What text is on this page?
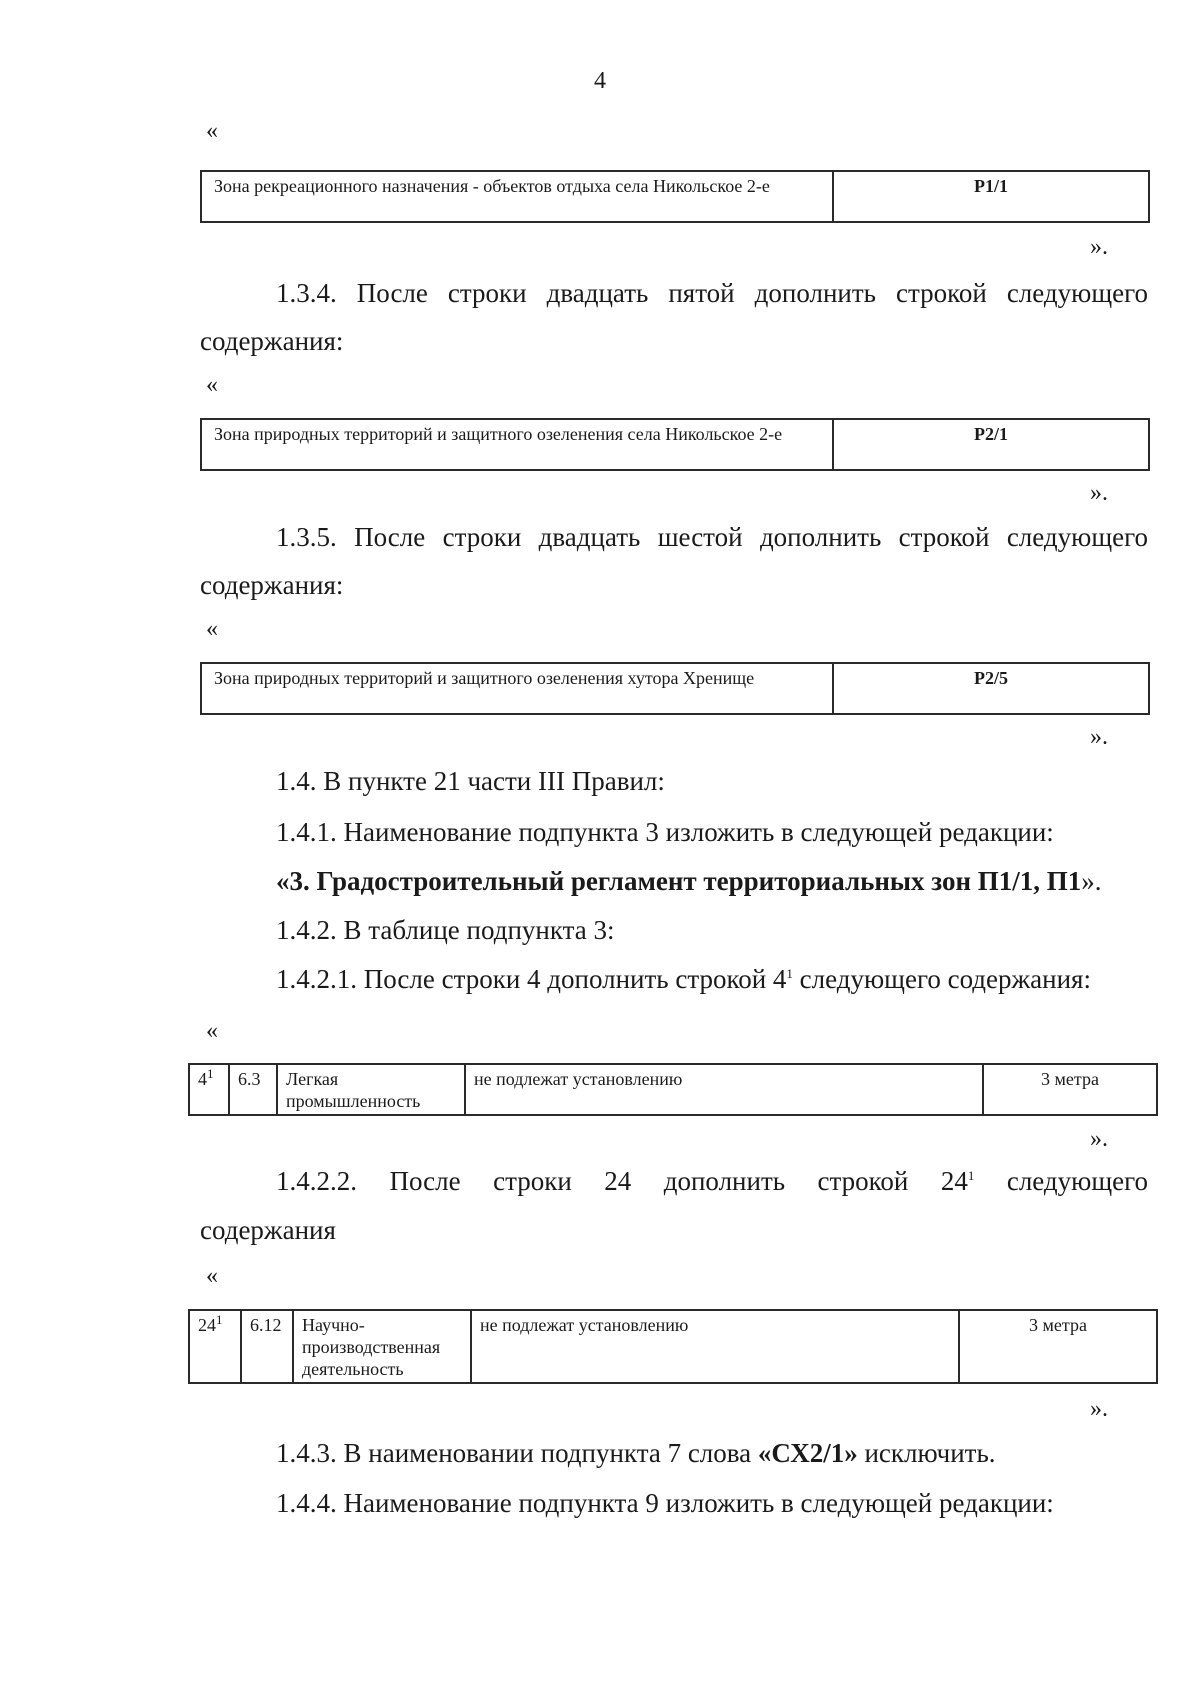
4
«
Зона рекреационного назначения - объектов отдыха села Никольское 2-е	Р1/1
».
1.3.4. После строки двадцать пятой дополнить строкой следующего
содержания:
«
Зона природных территорий и защитного озеленения села Никольское 2-е	Р2/1
».
1.3.5. После строки двадцать шестой дополнить строкой следующего
содержания:
«
Зона природных территорий и защитного озеленения хутора Хренище	Р2/5
».
1.4. В пункте 21 части III Правил:
1.4.1. Наименование подпункта 3 изложить в следующей редакции:
«3. Градостроительный регламент территориальных зон П1/1, П1».
1.4.2. В таблице подпункта 3:
1.4.2.1. После строки 4 дополнить строкой $4^1$ следующего содержания:
«
$4^1$	6.3	Легкая промышленность	не подлежат установлению	3 метра
».
1.4.2.2. После строки 24 дополнить строкой $24^1$ следующего
содержания
«
$24^1$	6.12	Научно-производственная деятельность	не подлежат установлению	3 метра
».
1.4.3. В наименовании подпункта 7 слова «СХ2/1» исключить.
1.4.4. Наименование подпункта 9 изложить в следующей редакции:
